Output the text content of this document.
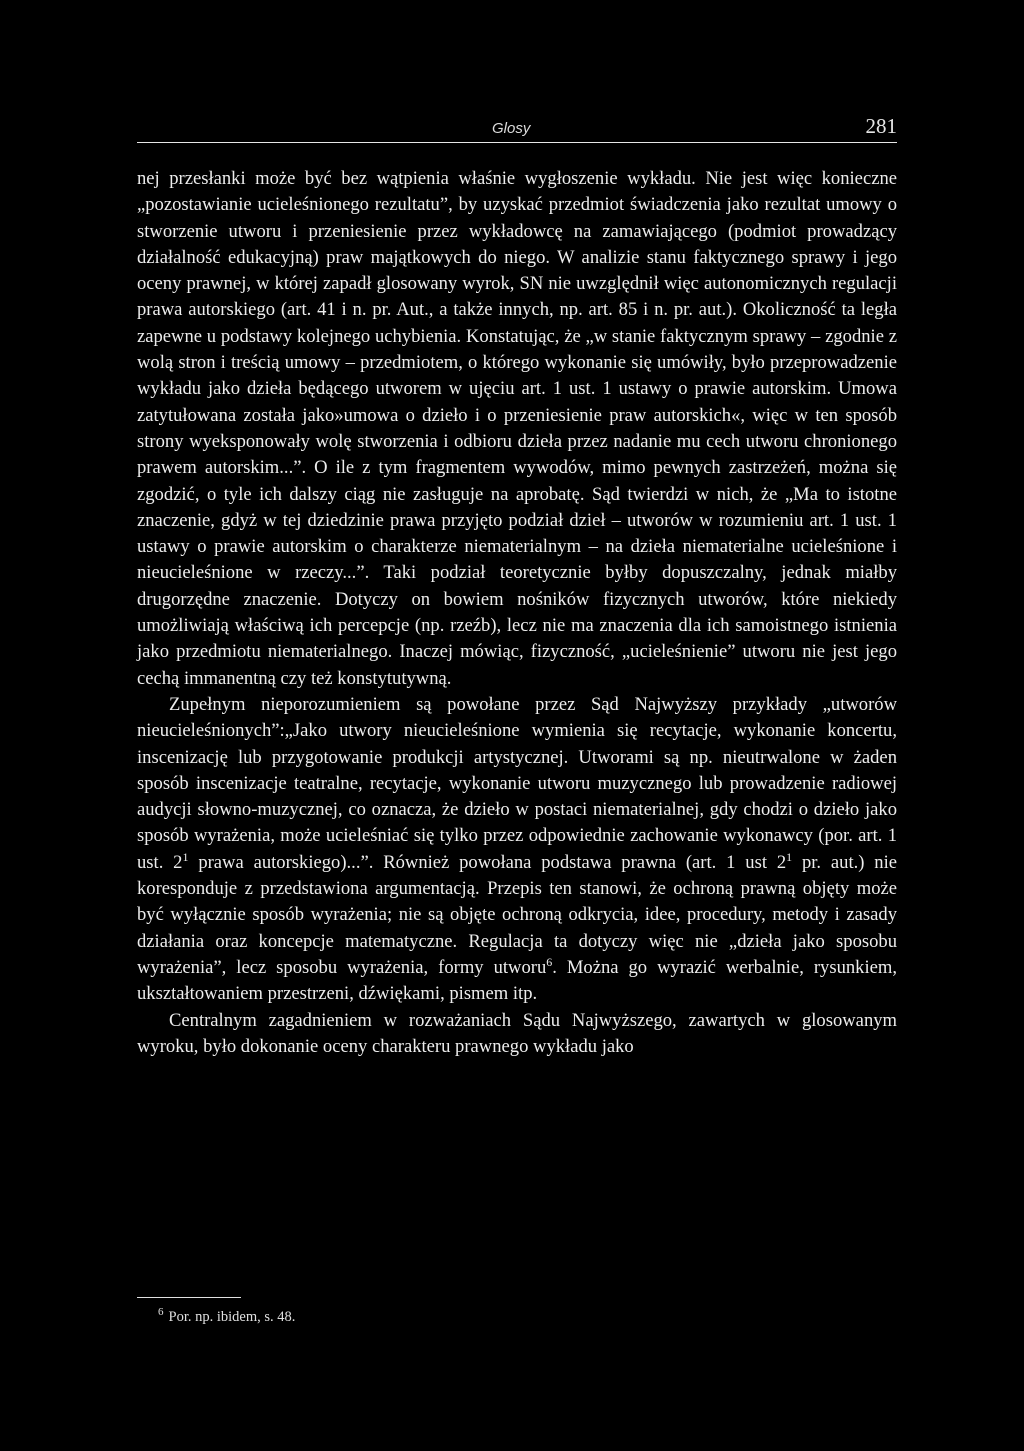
Glosy	281

nej przesłanki może być bez wątpienia właśnie wygłoszenie wykładu. Nie jest więc konieczne „pozostawianie ucieleśnionego rezultatu”, by uzyskać przedmiot świadczenia jako rezultat umowy o stworzenie utworu i przeniesienie przez wykładowcę na zamawiającego (podmiot prowadzący działalność edukacyjną) praw majątkowych do niego. W analizie stanu faktycznego sprawy i jego oceny prawnej, w której zapadł glosowany wyrok, SN nie uwzględnił więc autonomicznych regulacji prawa autorskiego (art. 41 i n. pr. Aut., a także innych, np. art. 85 i n. pr. aut.). Okoliczność ta legła zapewne u podstawy kolejnego uchybienia. Konstatując, że „w stanie faktycznym sprawy – zgodnie z wolą stron i treścią umowy – przedmiotem, o którego wykonanie się umówiły, było przeprowadzenie wykładu jako dzieła będącego utworem w ujęciu art. 1 ust. 1 ustawy o prawie autorskim. Umowa zatytułowana została jako»umowa o dzieło i o przeniesienie praw autorskich«, więc w ten sposób strony wyeksponowały wolę stworzenia i odbioru dzieła przez nadanie mu cech utworu chronionego prawem autorskim...”. O ile z tym fragmentem wywodów, mimo pewnych zastrzeżeń, można się zgodzić, o tyle ich dalszy ciąg nie zasługuje na aprobatę. Sąd twierdzi w nich, że „Ma to istotne znaczenie, gdyż w tej dziedzinie prawa przyjęto podział dzieł – utworów w rozumieniu art. 1 ust. 1 ustawy o prawie autorskim o charakterze niematerialnym – na dzieła niematerialne ucieleśnione i nieucieleśnione w rzeczy...”. Taki podział teoretycznie byłby dopuszczalny, jednak miałby drugorzędne znaczenie. Dotyczy on bowiem nośników fizycznych utworów, które niekiedy umożliwiają właściwą ich percepcje (np. rzeźb), lecz nie ma znaczenia dla ich samoistnego istnienia jako przedmiotu niematerialnego. Inaczej mówiąc, fizyczność, „ucieleśnienie” utworu nie jest jego cechą immanentną czy też konstytutywną.

Zupełnym nieporozumieniem są powołane przez Sąd Najwyższy przykłady „utworów nieucieleśnionych”:„Jako utwory nieucieleśnione wymienia się recytacje, wykonanie koncertu, inscenizację lub przygotowanie produkcji artystycznej. Utworami są np. nieutrwalone w żaden sposób inscenizacje teatralne, recytacje, wykonanie utworu muzycznego lub prowadzenie radiowej audycji słowno-muzycznej, co oznacza, że dzieło w postaci niematerialnej, gdy chodzi o dzieło jako sposób wyrażenia, może ucieleśniać się tylko przez odpowiednie zachowanie wykonawcy (por. art. 1 ust. $2^1$ prawa autorskiego)...”. Również powołana podstawa prawna (art. 1 ust $2^1$ pr. aut.) nie koresponduje z przedstawiona argumentacją. Przepis ten stanowi, że ochroną prawną objęty może być wyłącznie sposób wyrażenia; nie są objęte ochroną odkrycia, idee, procedury, metody i zasady działania oraz koncepcje matematyczne. Regulacja ta dotyczy więc nie „dzieła jako sposobu wyrażenia”, lecz sposobu wyrażenia, formy utworu$^6$. Można go wyrazić werbalnie, rysunkiem, ukształtowaniem przestrzeni, dźwiękami, pismem itp.

Centralnym zagadnieniem w rozważaniach Sądu Najwyższego, zawartych w glosowanym wyroku, było dokonanie oceny charakteru prawnego wykładu jako

$^6$ Por. np. ibidem, s. 48.
